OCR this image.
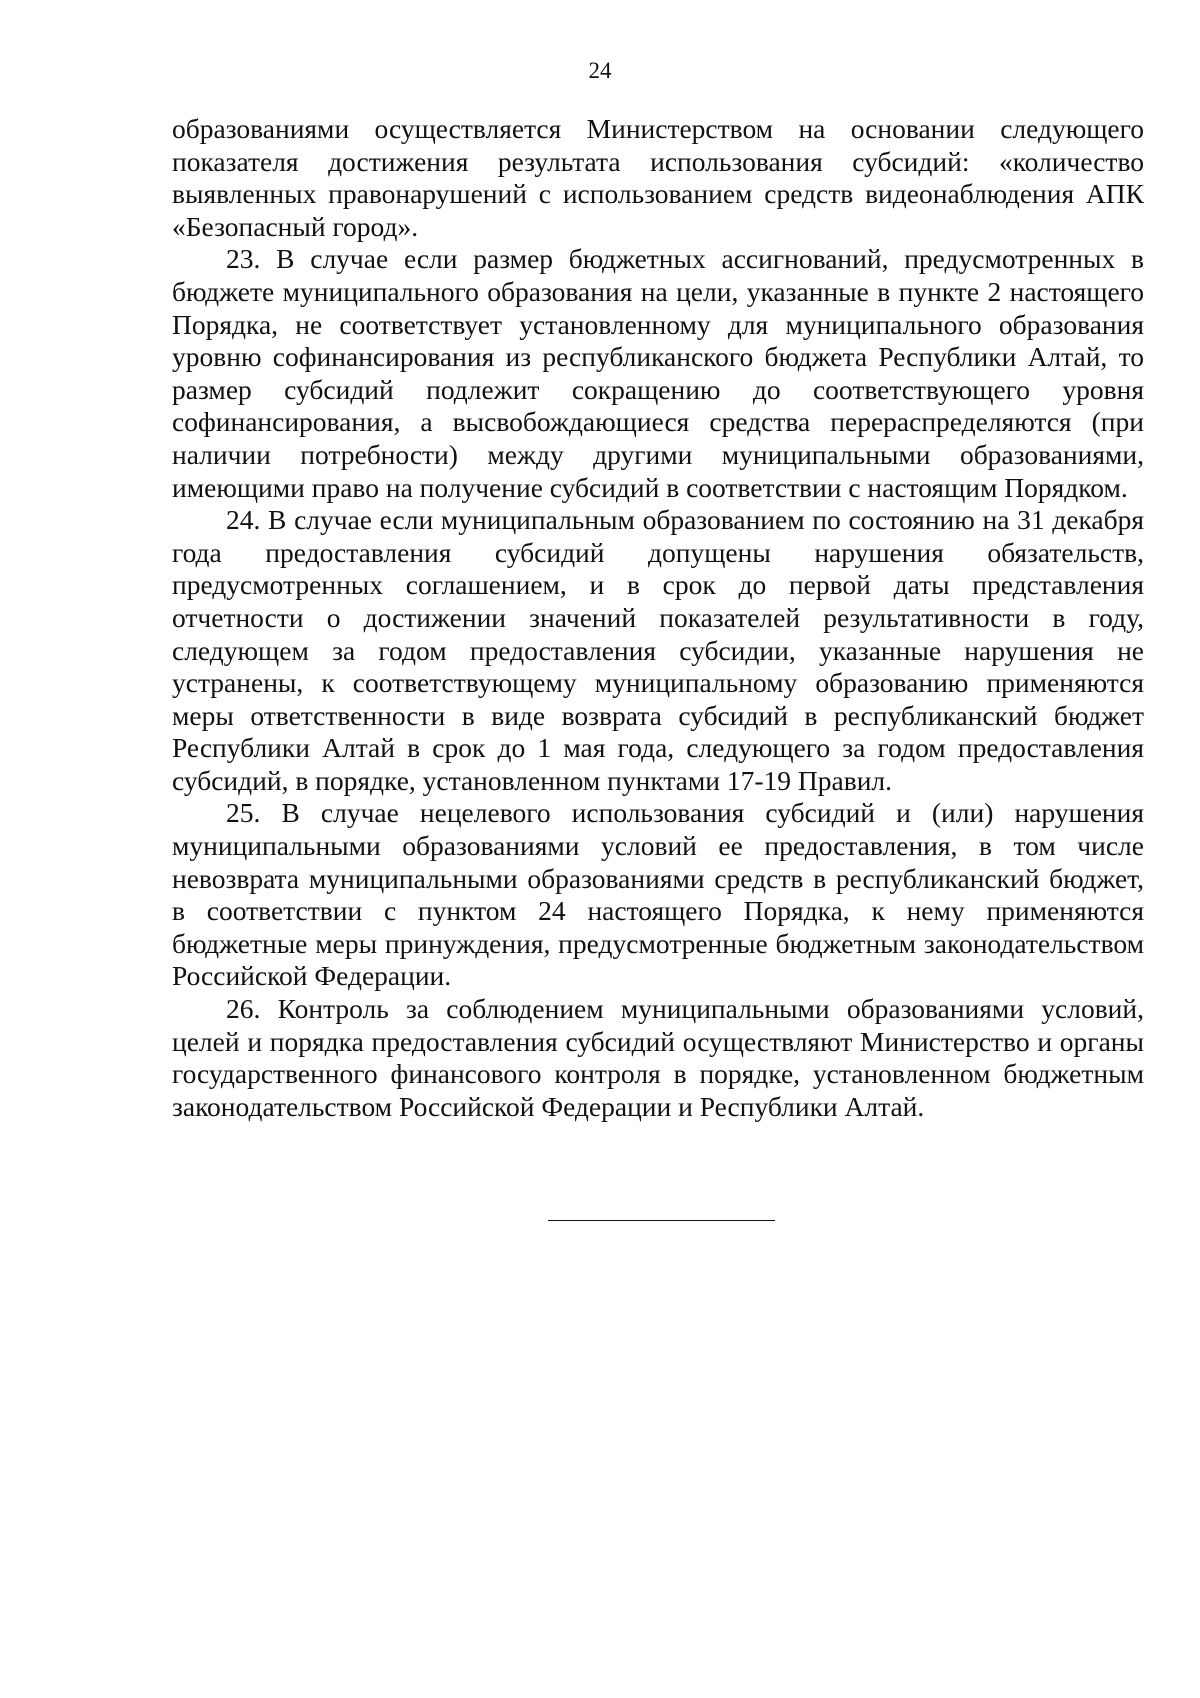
24

образованиями осуществляется Министерством на основании следующего показателя достижения результата использования субсидий: «количество выявленных правонарушений с использованием средств видеонаблюдения АПК «Безопасный город».

23. В случае если размер бюджетных ассигнований, предусмотренных в бюджете муниципального образования на цели, указанные в пункте 2 настоящего Порядка, не соответствует установленному для муниципального образования уровню софинансирования из республиканского бюджета Республики Алтай, то размер субсидий подлежит сокращению до соответствующего уровня софинансирования, а высвобождающиеся средства перераспределяются (при наличии потребности) между другими муниципальными образованиями, имеющими право на получение субсидий в соответствии с настоящим Порядком.

24. В случае если муниципальным образованием по состоянию на 31 декабря года предоставления субсидий допущены нарушения обязательств, предусмотренных соглашением, и в срок до первой даты представления отчетности о достижении значений показателей результативности в году, следующем за годом предоставления субсидии, указанные нарушения не устранены, к соответствующему муниципальному образованию применяются меры ответственности в виде возврата субсидий в республиканский бюджет Республики Алтай в срок до 1 мая года, следующего за годом предоставления субсидий, в порядке, установленном пунктами 17-19 Правил.

25. В случае нецелевого использования субсидий и (или) нарушения муниципальными образованиями условий ее предоставления, в том числе невозврата муниципальными образованиями средств в республиканский бюджет, в соответствии с пунктом 24 настоящего Порядка, к нему применяются бюджетные меры принуждения, предусмотренные бюджетным законодательством Российской Федерации.

26. Контроль за соблюдением муниципальными образованиями условий, целей и порядка предоставления субсидий осуществляют Министерство и органы государственного финансового контроля в порядке, установленном бюджетным законодательством Российской Федерации и Республики Алтай.
